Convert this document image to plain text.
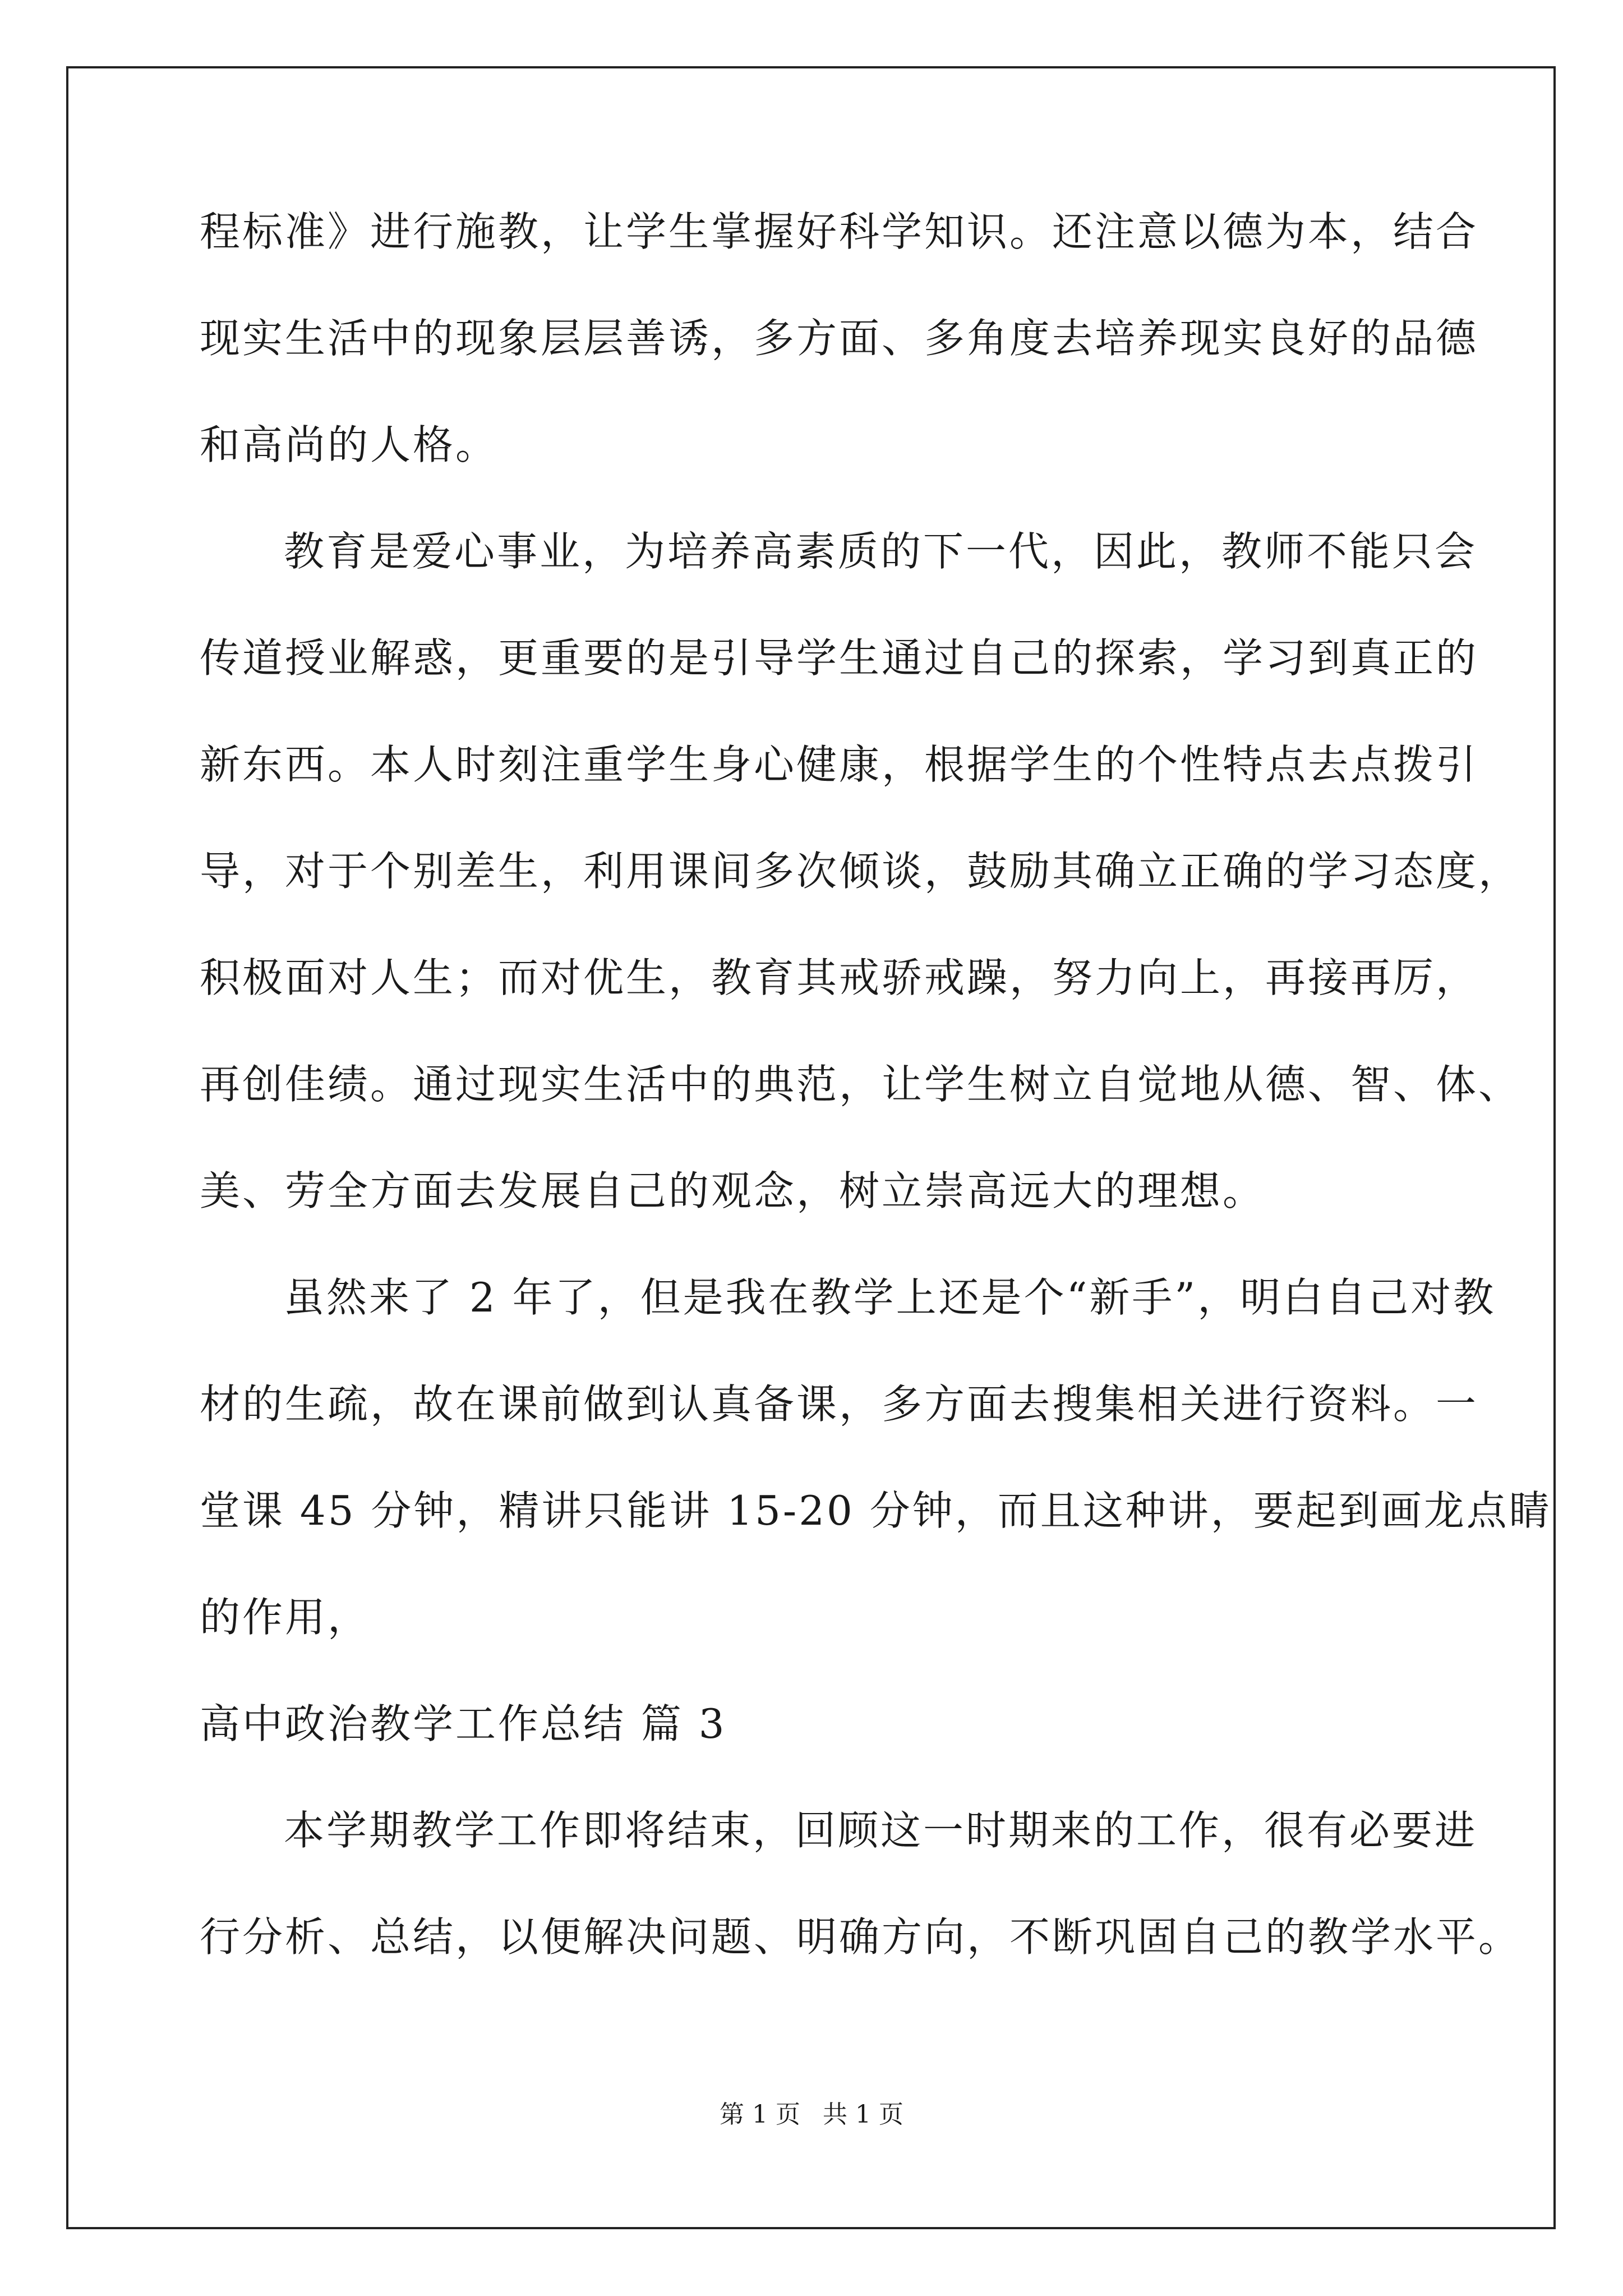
程标准》进行施教，让学生掌握好科学知识。还注意以德为本，结合
现实生活中的现象层层善诱，多方面、多角度去培养现实良好的品德
和高尚的人格。
教育是爱心事业，为培养高素质的下一代，因此，教师不能只会
传道授业解惑，更重要的是引导学生通过自己的探索，学习到真正的
新东西。本人时刻注重学生身心健康，根据学生的个性特点去点拨引
导，对于个别差生，利用课间多次倾谈，鼓励其确立正确的学习态度，
积极面对人生；而对优生，教育其戒骄戒躁，努力向上，再接再厉，
再创佳绩。通过现实生活中的典范，让学生树立自觉地从德、智、体、
美、劳全方面去发展自己的观念，树立崇高远大的理想。
虽然来了 2 年了，但是我在教学上还是个“新手”，明白自己对教
材的生疏，故在课前做到认真备课，多方面去搜集相关进行资料。一
堂课 45 分钟，精讲只能讲 15-20 分钟，而且这种讲，要起到画龙点睛
的作用，
高中政治教学工作总结 篇 3
本学期教学工作即将结束，回顾这一时期来的工作，很有必要进
行分析、总结，以便解决问题、明确方向，不断巩固自己的教学水平。
第 1 页 共 1 页
